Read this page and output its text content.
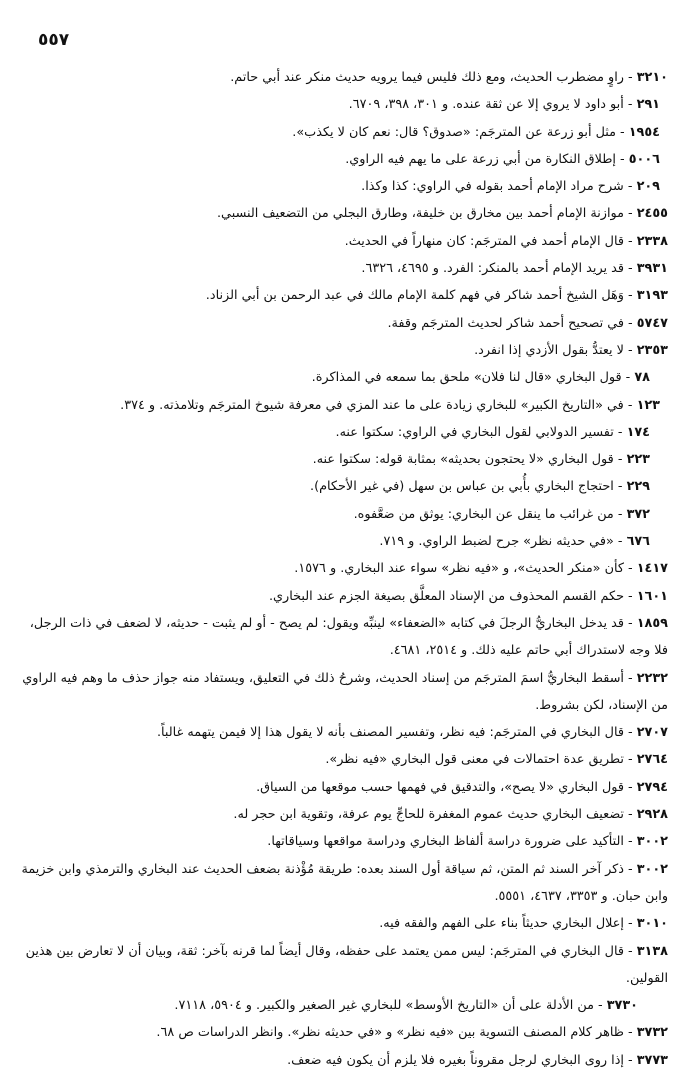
٥٥٧
٣٢١٠ - راوٍ مضطرب الحديث، ومع ذلك فليس فيما يرويه حديث منكر عند أبي حاتم.
٢٩١ - أبو داود لا يروي إلا عن ثقة عنده. و ٣٠١، ٣٩٨، ٦٧٠٩.
١٩٥٤ - مثل أبو زرعة عن المترجَم: «صدوق؟ قال: نعم كان لا يكذب».
٥٠٠٦ - إطلاق النكارة من أبي زرعة على ما يهم فيه الراوي.
٢٠٩ - شرح مراد الإمام أحمد بقوله في الراوي: كذا وكذا.
٢٤٥٥ - موازنة الإمام أحمد بين مخارق بن خليفة، وطارق البجلي من التضعيف النسبي.
٢٣٣٨ - قال الإمام أحمد في المترجَم: كان منهاراً في الحديث.
٣٩٣١ - قد يريد الإمام أحمد بالمنكر: الفرد. و ٤٦٩٥، ٦٣٢٦.
٣١٩٣ - وَهَل الشيخ أحمد شاكر في فهم كلمة الإمام مالك في عبد الرحمن بن أبي الزناد.
٥٧٤٧ - في تصحيح أحمد شاكر لحديث المترجَم وقفة.
٢٣٥٣ - لا يعتدُّ بقول الأزدي إذا انفرد.
٧٨ - قول البخاري «قال لنا فلان» ملحق بما سمعه في المذاكرة.
١٢٣ - في «التاريخ الكبير» للبخاري زيادة على ما عند المزي في معرفة شيوخ المترجَم وتلامذته. و ٣٧٤.
١٧٤ - تفسير الدولابي لقول البخاري في الراوي: سكتوا عنه.
٢٢٣ - قول البخاري «لا يحتجون بحديثه» بمثابة قوله: سكتوا عنه.
٢٢٩ - احتجاج البخاري بأُبي بن عباس بن سهل (في غير الأحكام).
٣٧٢ - من غرائب ما ينقل عن البخاري: يوثق من ضعَّفوه.
٦٧٦ - «في حديثه نظر» جرح لضبط الراوي. و ٧١٩.
١٤١٧ - كأن «منكر الحديث»، و «فيه نظر» سواء عند البخاري. و ١٥٧٦.
١٦٠١ - حكم القسم المحذوف من الإسناد المعلَّق بصيغة الجزم عند البخاري.
١٨٥٩ - قد يدخل البخاريُّ الرجلَ في كتابه «الضعفاء» لينبِّه ويقول: لم يصح - أو لم يثبت - حديثه، لا لضعف في ذات الرجل، فلا وجه لاستدراك أبي حاتم عليه ذلك. و ٢٥١٤، ٤٦٨١.
٢٢٣٢ - أسقط البخاريُّ اسمَ المترجَم من إسناد الحديث، وشرحُ ذلك في التعليق، ويستفاد منه جواز حذف ما وهم فيه الراوي من الإسناد، لكن بشروط.
٢٧٠٧ - قال البخاري في المترجَم: فيه نظر، وتفسير المصنف بأنه لا يقول هذا إلا فيمن يتهمه غالباً.
٢٧٦٤ - تطريق عدة احتمالات في معنى قول البخاري «فيه نظر».
٢٧٩٤ - قول البخاري «لا يصح»، والتدقيق في فهمها حسب موقعها من السياق.
٢٩٢٨ - تضعيف البخاري حديث عموم المغفرة للحاجِّ يوم عرفة، وتقوية ابن حجر له.
٣٠٠٢ - التأكيد على ضرورة دراسة ألفاظ البخاري ودراسة مواقعها وسياقاتها.
٣٠٠٢ - ذكر آخر السند ثم المتن، ثم سياقة أول السند بعده: طريقة مُؤْذنة بضعف الحديث عند البخاري والترمذي وابن خزيمة وابن حبان. و ٣٣٥٣، ٤٦٣٧، ٥٥٥١.
٣٠١٠ - إعلال البخاري حديثاً بناء على الفهم والفقه فيه.
٣١٣٨ - قال البخاري في المترجَم: ليس ممن يعتمد على حفظه، وقال أيضاً لما قرنه بآخر: ثقة، وبيان أن لا تعارض بين هذين القولين.
٣٧٣٠ - من الأدلة على أن «التاريخ الأوسط» للبخاري غير الصغير والكبير. و ٥٩٠٤، ٧١١٨.
٣٧٣٢ - ظاهر كلام المصنف التسوية بين «فيه نظر» و «في حديثه نظر». وانظر الدراسات ص ٦٨.
٣٧٧٣ - إذا روى البخاري لرجل مقروناً بغيره فلا يلزم أن يكون فيه ضعف.
